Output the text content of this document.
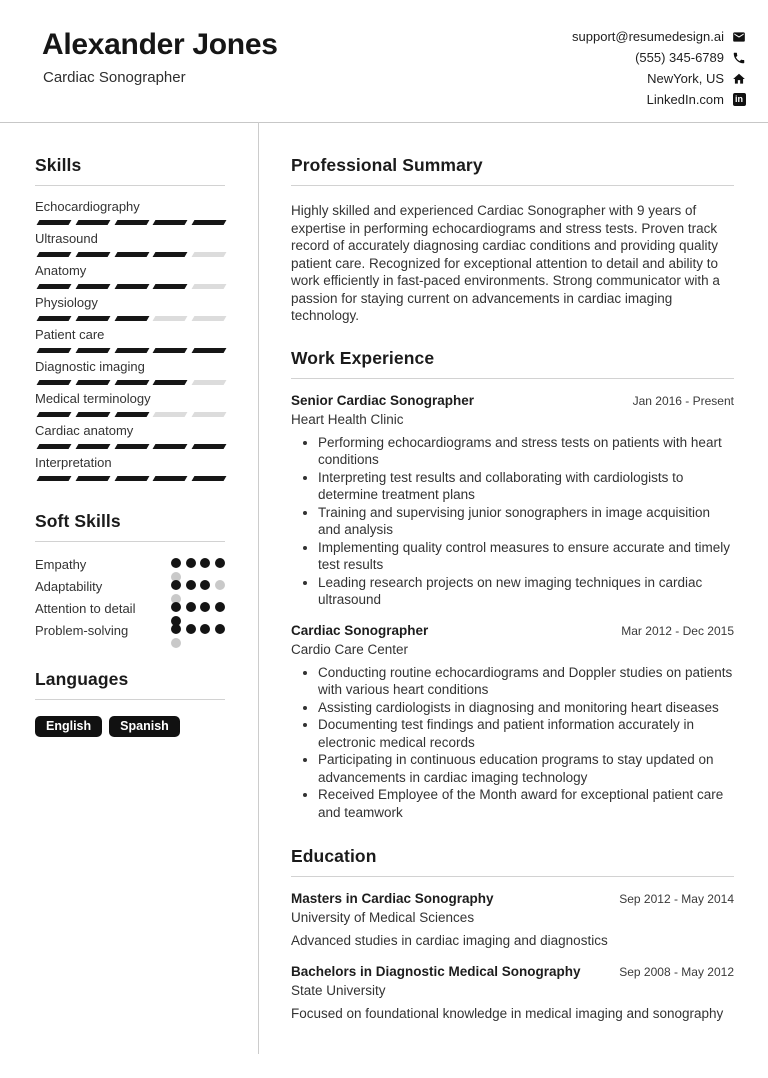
Alexander Jones
Cardiac Sonographer
support@resumedesign.ai
(555) 345-6789
NewYork, US
LinkedIn.com in
Skills
Echocardiography
Ultrasound
Anatomy
Physiology
Patient care
Diagnostic imaging
Medical terminology
Cardiac anatomy
Interpretation
Soft Skills
Empathy
Adaptability
Attention to detail
Problem-solving
Languages
English	Spanish
Professional Summary

Highly skilled and experienced Cardiac Sonographer with 9 years of expertise in performing echocardiograms and stress tests. Proven track record of accurately diagnosing cardiac conditions and providing quality patient care. Recognized for exceptional attention to detail and ability to work efficiently in fast-paced environments. Strong communicator with a passion for staying current on advancements in cardiac imaging technology.

Work Experience
Senior Cardiac Sonographer	Jan 2016 - Present
Heart Health Clinic
• Performing echocardiograms and stress tests on patients with heart conditions
• Interpreting test results and collaborating with cardiologists to determine treatment plans
• Training and supervising junior sonographers in image acquisition and analysis
• Implementing quality control measures to ensure accurate and timely test results
• Leading research projects on new imaging techniques in cardiac ultrasound
Cardiac Sonographer	Mar 2012 - Dec 2015
Cardio Care Center
• Conducting routine echocardiograms and Doppler studies on patients with various heart conditions
• Assisting cardiologists in diagnosing and monitoring heart diseases
• Documenting test findings and patient information accurately in electronic medical records
• Participating in continuous education programs to stay updated on advancements in cardiac imaging technology
• Received Employee of the Month award for exceptional patient care and teamwork
Education
Masters in Cardiac Sonography	Sep 2012 - May 2014
University of Medical Sciences
Advanced studies in cardiac imaging and diagnostics
Bachelors in Diagnostic Medical Sonography	Sep 2008 - May 2012
State University
Focused on foundational knowledge in medical imaging and sonography
